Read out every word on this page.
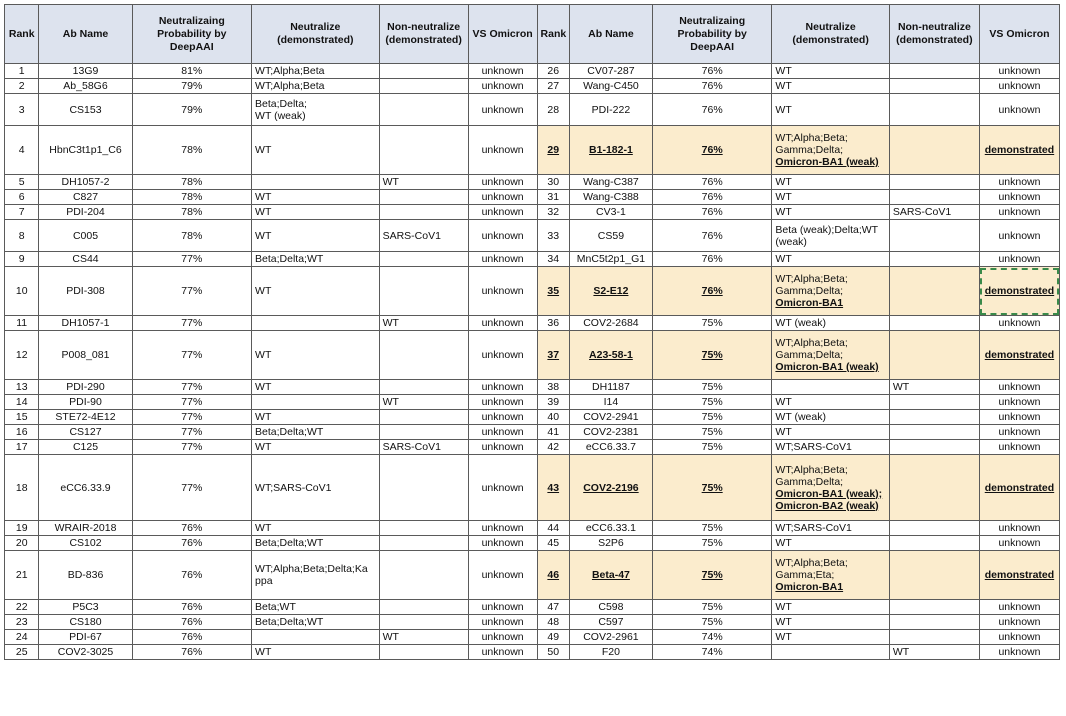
Rank	Ab Name	Neutralizaing Probability by DeepAAI	Neutralize (demonstrated)	Non-neutralize (demonstrated)	VS Omicron	Rank	Ab Name	Neutralizaing Probability by DeepAAI	Neutralize (demonstrated)	Non-neutralize (demonstrated)	VS Omicron
1	13G9	81%	WT;Alpha;Beta		unknown	26	CV07-287	76%	WT		unknown
2	Ab_58G6	79%	WT;Alpha;Beta		unknown	27	Wang-C450	76%	WT		unknown
3	CS153	79%	Beta;Delta;
WT (weak)		unknown	28	PDI-222	76%	WT		unknown
4	HbnC3t1p1_C6	78%	WT		unknown	29	B1-182-1	76%	WT;Alpha;Beta;
Gamma;Delta;
Omicron-BA1 (weak)		demonstrated
5	DH1057-2	78%		WT	unknown	30	Wang-C387	76%	WT		unknown
6	C827	78%	WT		unknown	31	Wang-C388	76%	WT		unknown
7	PDI-204	78%	WT		unknown	32	CV3-1	76%	WT	SARS-CoV1	unknown
8	C005	78%	WT	SARS-CoV1	unknown	33	CS59	76%	Beta (weak);Delta;WT
(weak)		unknown
9	CS44	77%	Beta;Delta;WT		unknown	34	MnC5t2p1_G1	76%	WT		unknown
10	PDI-308	77%	WT		unknown	35	S2-E12	76%	WT;Alpha;Beta;
Gamma;Delta;
Omicron-BA1		demonstrated
11	DH1057-1	77%		WT	unknown	36	COV2-2684	75%	WT (weak)		unknown
12	P008_081	77%	WT		unknown	37	A23-58-1	75%	WT;Alpha;Beta;
Gamma;Delta;
Omicron-BA1 (weak)		demonstrated
13	PDI-290	77%	WT		unknown	38	DH1187	75%		WT	unknown
14	PDI-90	77%		WT	unknown	39	I14	75%	WT		unknown
15	STE72-4E12	77%	WT		unknown	40	COV2-2941	75%	WT (weak)		unknown
16	CS127	77%	Beta;Delta;WT		unknown	41	COV2-2381	75%	WT		unknown
17	C125	77%	WT	SARS-CoV1	unknown	42	eCC6.33.7	75%	WT;SARS-CoV1		unknown
18	eCC6.33.9	77%	WT;SARS-CoV1		unknown	43	COV2-2196	75%	WT;Alpha;Beta;
Gamma;Delta;
Omicron-BA1 (weak);
Omicron-BA2 (weak)		demonstrated
19	WRAIR-2018	76%	WT		unknown	44	eCC6.33.1	75%	WT;SARS-CoV1		unknown
20	CS102	76%	Beta;Delta;WT		unknown	45	S2P6	75%	WT		unknown
21	BD-836	76%	WT;Alpha;Beta;Delta;Ka
ppa		unknown	46	Beta-47	75%	WT;Alpha;Beta;
Gamma;Eta;
Omicron-BA1		demonstrated
22	P5C3	76%	Beta;WT		unknown	47	C598	75%	WT		unknown
23	CS180	76%	Beta;Delta;WT		unknown	48	C597	75%	WT		unknown
24	PDI-67	76%		WT	unknown	49	COV2-2961	74%	WT		unknown
25	COV2-3025	76%	WT		unknown	50	F20	74%		WT	unknown
